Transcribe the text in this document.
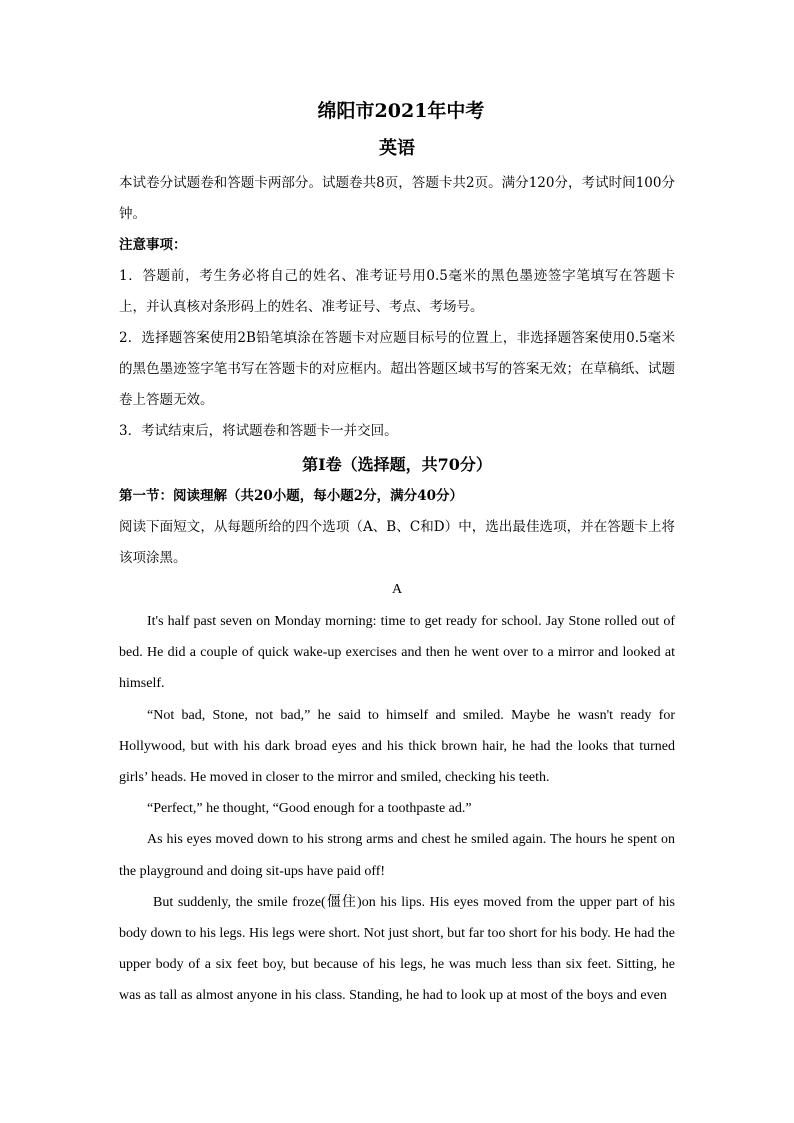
绵阳市2021年中考
英语

本试卷分试题卷和答题卡两部分。试题卷共8页，答题卡共2页。满分120分，考试时间100分钟。

注意事项：

1．答题前，考生务必将自己的姓名、准考证号用0.5毫米的黑色墨迹签字笔填写在答题卡上，并认真核对条形码上的姓名、准考证号、考点、考场号。

2．选择题答案使用2B铅笔填涂在答题卡对应题目标号的位置上，非选择题答案使用0.5毫米的黑色墨迹签字笔书写在答题卡的对应框内。超出答题区域书写的答案无效；在草稿纸、试题卷上答题无效。

3．考试结束后，将试题卷和答题卡一并交回。

第I卷（选择题，共70分）

第一节：阅读理解（共20小题，每小题2分，满分40分）

阅读下面短文，从每题所给的四个选项（A、B、C和D）中，选出最佳选项，并在答题卡上将该项涂黑。

A

It's half past seven on Monday morning: time to get ready for school. Jay Stone rolled out of bed. He did a couple of quick wake-up exercises and then he went over to a mirror and looked at himself.

“Not bad, Stone, not bad,” he said to himself and smiled. Maybe he wasn't ready for Hollywood, but with his dark broad eyes and his thick brown hair, he had the looks that turned girls’ heads. He moved in closer to the mirror and smiled, checking his teeth.

“Perfect,” he thought, “Good enough for a toothpaste ad.”

As his eyes moved down to his strong arms and chest he smiled again. The hours he spent on the playground and doing sit-ups have paid off!

But suddenly, the smile froze(僵住)on his lips. His eyes moved from the upper part of his body down to his legs. His legs were short. Not just short, but far too short for his body. He had the upper body of a six feet boy, but because of his legs, he was much less than six feet. Sitting, he was as tall as almost anyone in his class. Standing, he had to look up at most of the boys and even
